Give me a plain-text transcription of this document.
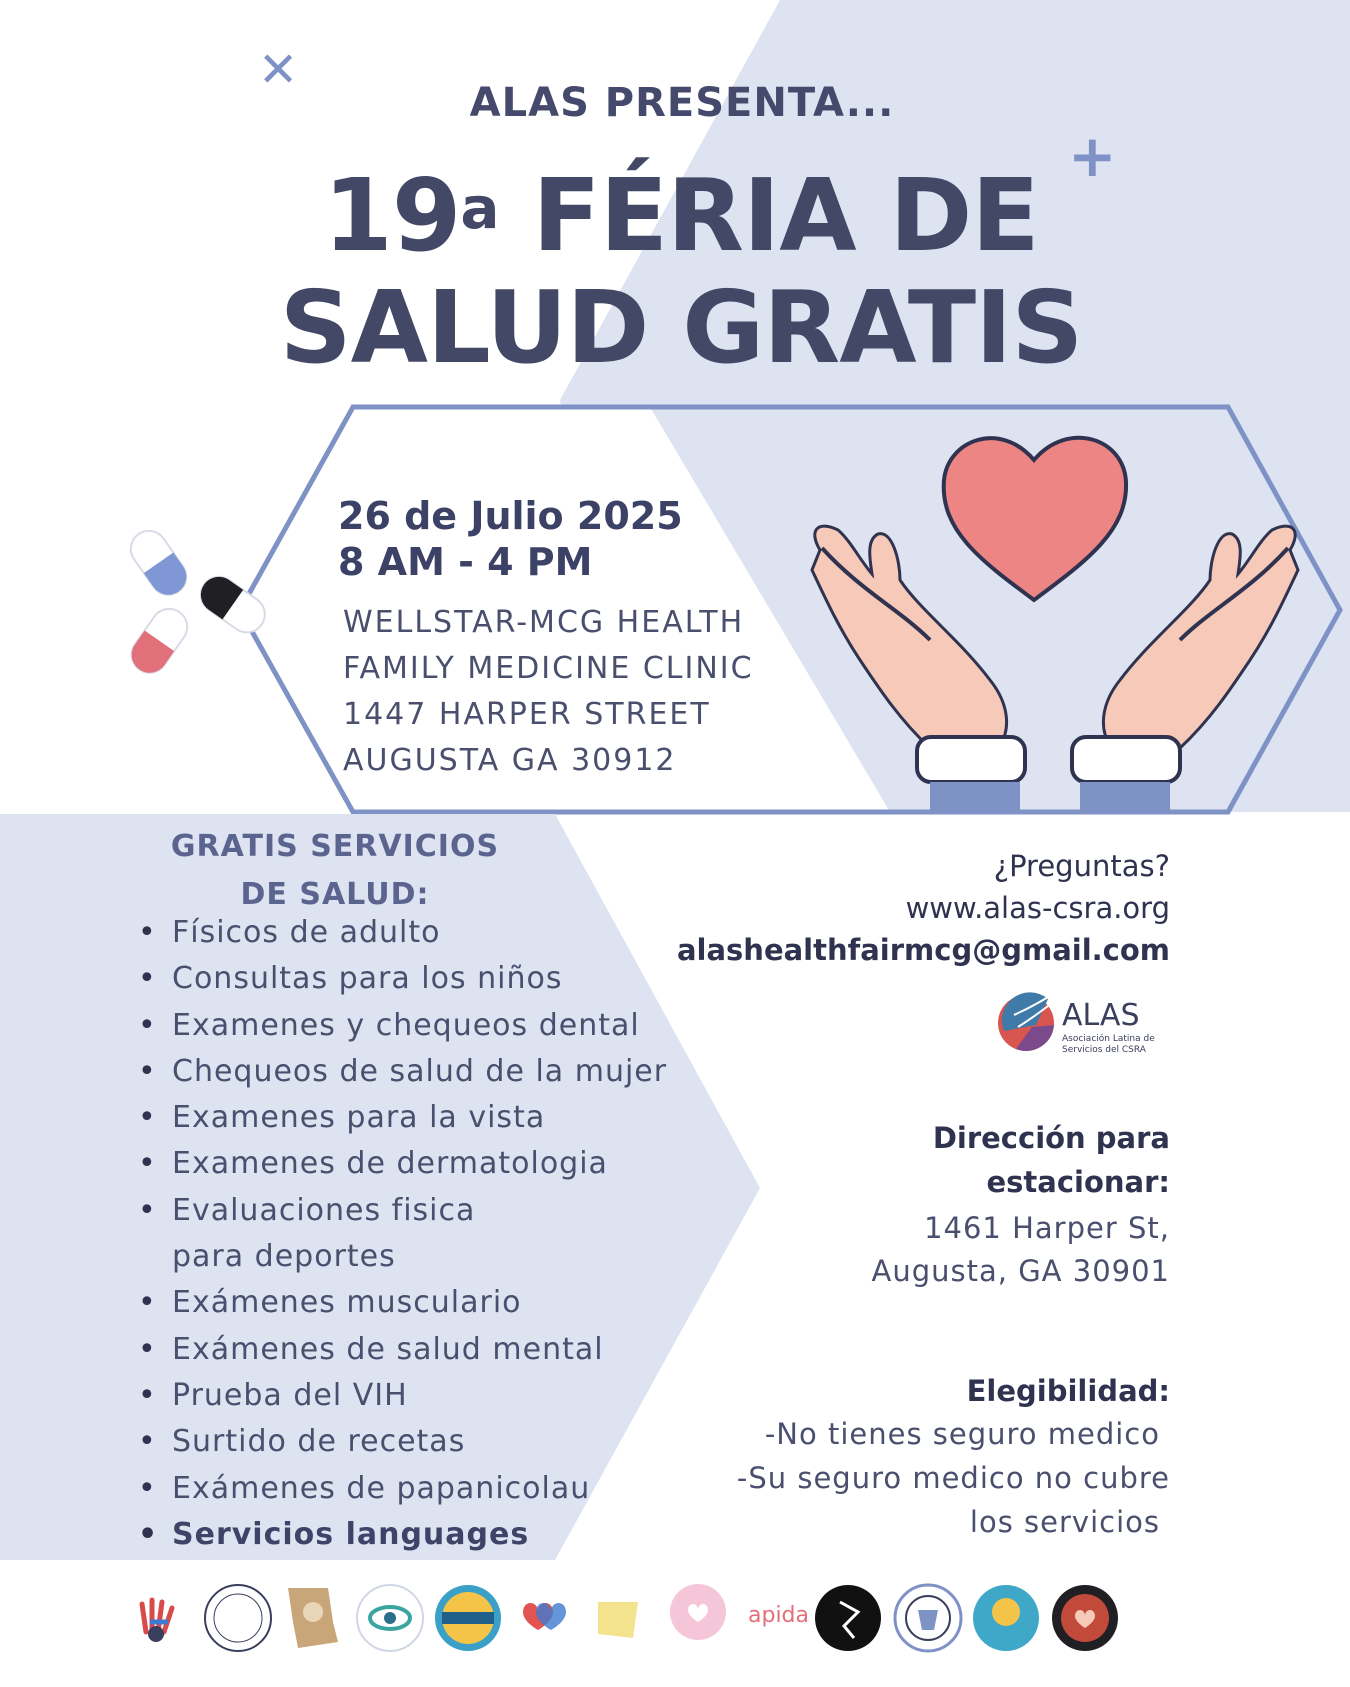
✕
+
ALAS PRESENTA...
19$^a$ FÉRIA DE
SALUD GRATIS
26 de Julio 2025
8 AM - 4 PM
WELLSTAR-MCG HEALTH
FAMILY MEDICINE CLINIC
1447 HARPER STREET
AUGUSTA GA 30912
GRATIS SERVICIOS
DE SALUD:
• Físicos de adulto
• Consultas para los niños
• Examenes y chequeos dental
• Chequeos de salud de la mujer
• Examenes para la vista
• Examenes de dermatologia
• Evaluaciones fisica para deportes
• Exámenes musculario
• Exámenes de salud mental
• Prueba del VIH
• Surtido de recetas
• Exámenes de papanicolau
• Servicios languages
¿Preguntas?
www.alas-csra.org
alashealthfairmcg@gmail.com
ALAS
Asociación Latina de
Servicios del CSRA
Dirección para
estacionar:
1461 Harper St,
Augusta, GA 30901
Elegibilidad:
-No tienes seguro medico
-Su seguro medico no cubre
los servicios
apida
